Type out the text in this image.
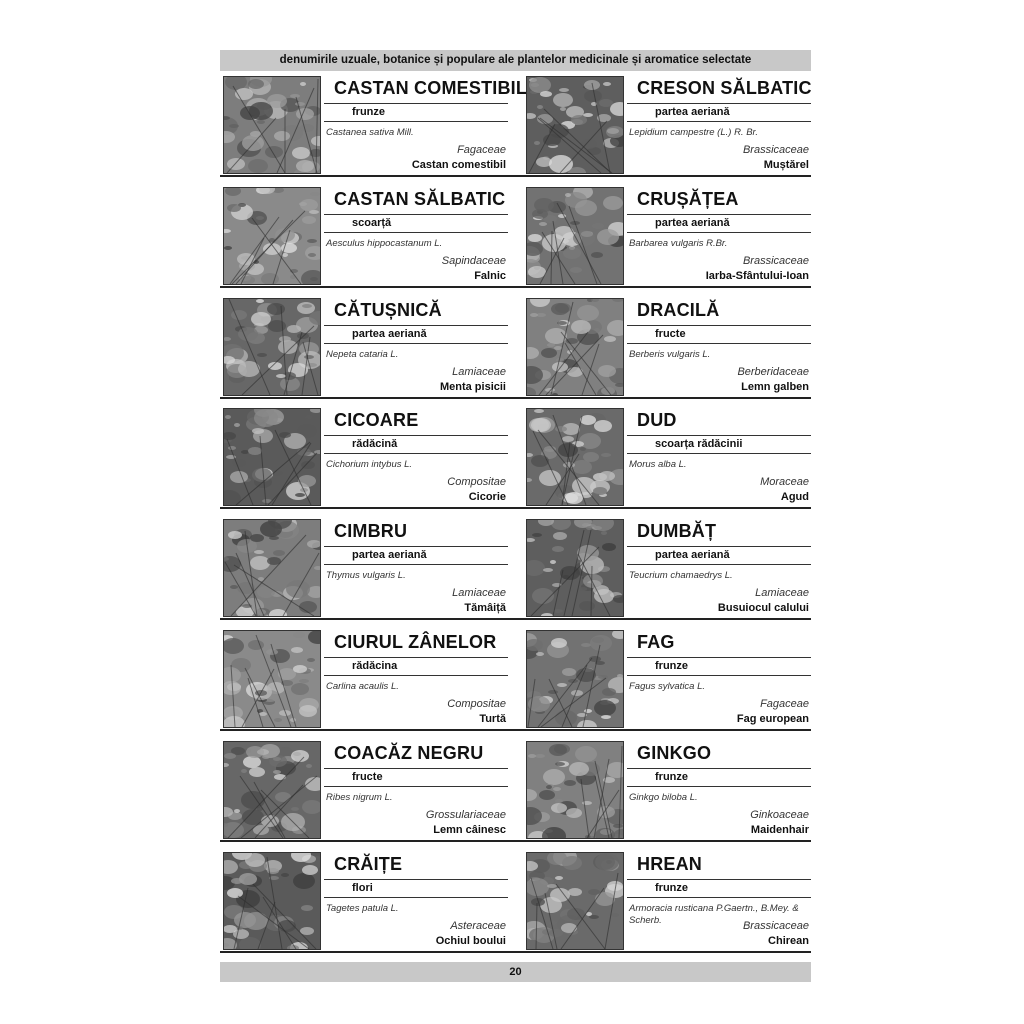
denumirile uzuale, botanice și populare ale plantelor medicinale și aromatice selectate
CASTAN COMESTIBIL
frunze
Castanea sativa Mill.
Fagaceae
Castan comestibil
CRESON SĂLBATIC
partea aeriană
Lepidium campestre (L.) R. Br.
Brassicaceae
Muștărel
CASTAN SĂLBATIC
scoarță
Aesculus hippocastanum L.
Sapindaceae
Falnic
CRUȘĂȚEA
partea aeriană
Barbarea vulgaris R.Br.
Brassicaceae
Iarba-Sfântului-Ioan
CĂTUȘNICĂ
partea aeriană
Nepeta cataria L.
Lamiaceae
Menta pisicii
DRACILĂ
fructe
Berberis vulgaris L.
Berberidaceae
Lemn galben
CICOARE
rădăcină
Cichorium intybus L.
Compositae
Cicorie
DUD
scoarța rădăcinii
Morus alba L.
Moraceae
Agud
CIMBRU
partea aeriană
Thymus vulgaris L.
Lamiaceae
Tămâiță
DUMBĂȚ
partea aeriană
Teucrium chamaedrys L.
Lamiaceae
Busuiocul calului
CIURUL ZÂNELOR
rădăcina
Carlina acaulis L.
Compositae
Turtă
FAG
frunze
Fagus sylvatica L.
Fagaceae
Fag european
COACĂZ NEGRU
fructe
Ribes nigrum L.
Grossulariaceae
Lemn câinesc
GINKGO
frunze
Ginkgo biloba L.
Ginkoaceae
Maidenhair
CRĂIȚE
flori
Tagetes patula L.
Asteraceae
Ochiul boului
HREAN
frunze
Armoracia rusticana P.Gaertn., B.Mey. & Scherb.	Brassicaceae
Chirean
20
